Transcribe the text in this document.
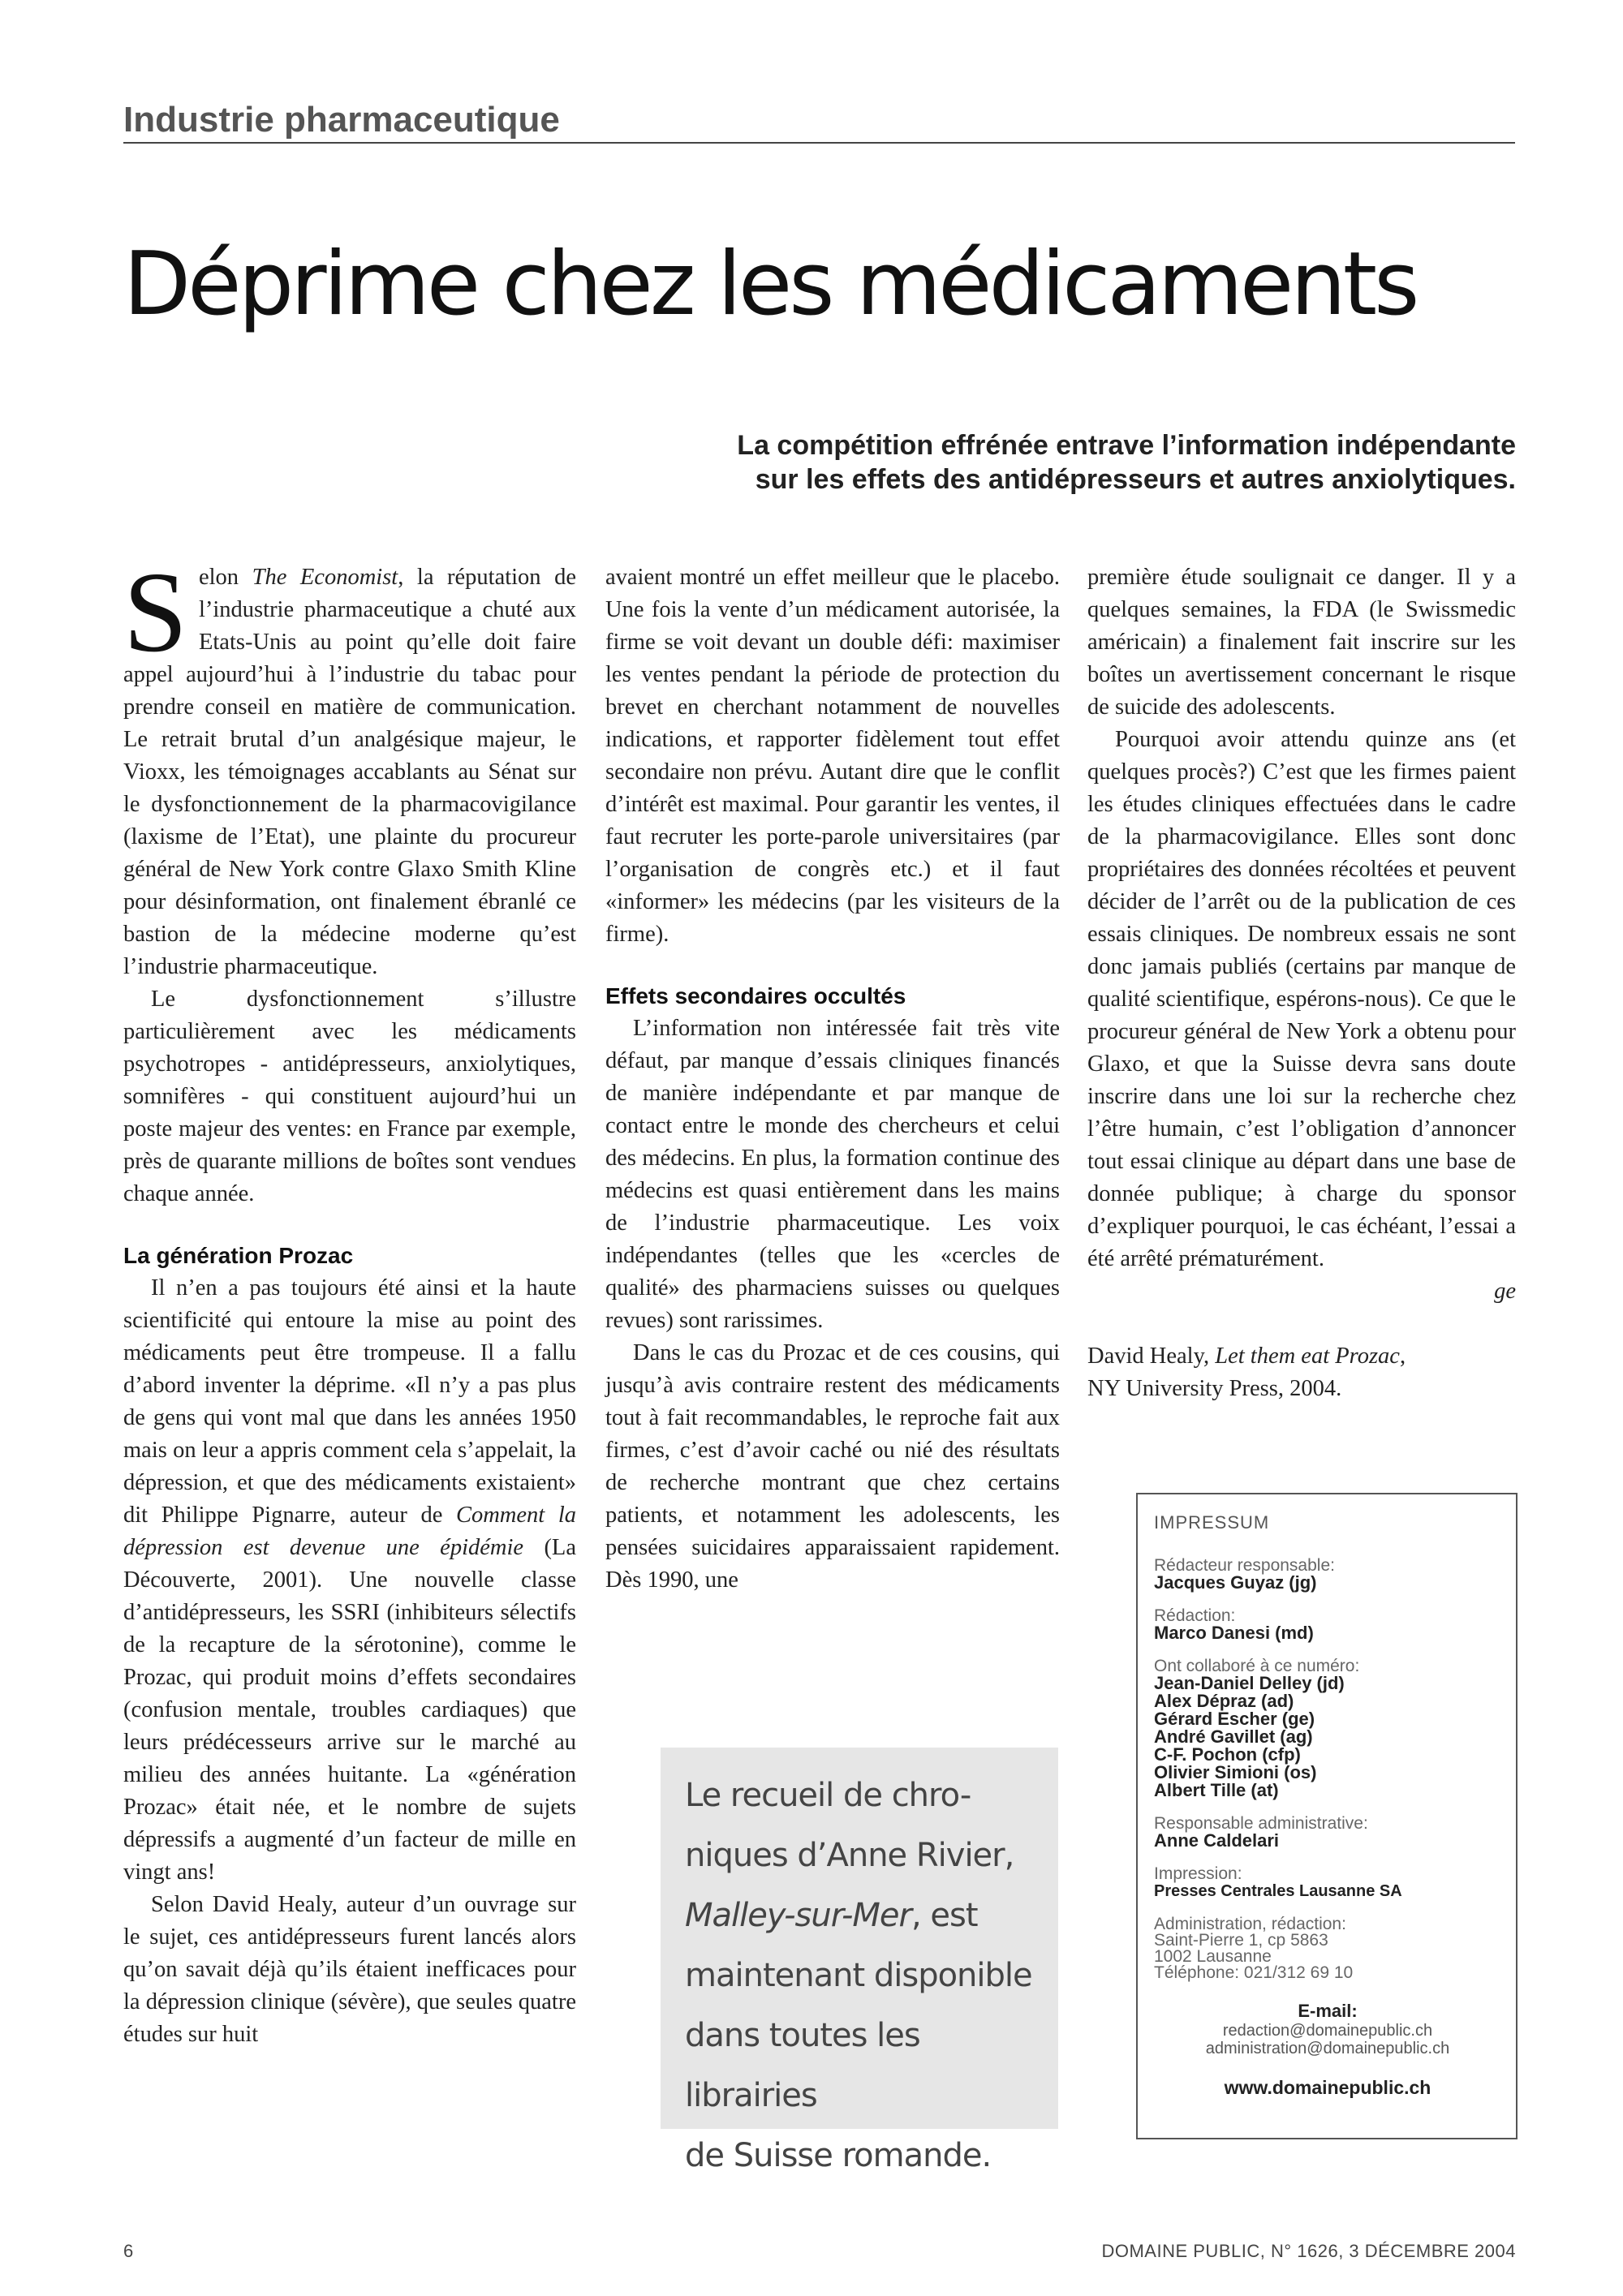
Industrie pharmaceutique
Déprime chez les médicaments
La compétition effrénée entrave l’information indépendante
sur les effets des antidépresseurs et autres anxiolytiques.

Selon The Economist, la réputation de l’industrie pharmaceutique a chuté aux Etats-Unis au point qu’elle doit faire appel aujourd’hui à l’industrie du tabac pour prendre conseil en matière de communication. Le retrait brutal d’un analgésique majeur, le Vioxx, les témoignages accablants au Sénat sur le dysfonctionnement de la pharmacovigilance (laxisme de l’Etat), une plainte du procureur général de New York contre Glaxo Smith Kline pour désinformation, ont finalement ébranlé ce bastion de la médecine moderne qu’est l’industrie pharmaceutique.

Le dysfonctionnement s’illustre particulièrement avec les médicaments psychotropes - antidépresseurs, anxiolytiques, somnifères - qui constituent aujourd’hui un poste majeur des ventes: en France par exemple, près de quarante millions de boîtes sont vendues chaque année.

La génération Prozac

Il n’en a pas toujours été ainsi et la haute scientificité qui entoure la mise au point des médicaments peut être trompeuse. Il a fallu d’abord inventer la déprime. «Il n’y a pas plus de gens qui vont mal que dans les années 1950 mais on leur a appris comment cela s’appelait, la dépression, et que des médicaments existaient» dit Philippe Pignarre, auteur de Comment la dépression est devenue une épidémie (La Découverte, 2001). Une nouvelle classe d’antidépresseurs, les SSRI (inhibiteurs sélectifs de la recapture de la sérotonine), comme le Prozac, qui produit moins d’effets secondaires (confusion mentale, troubles cardiaques) que leurs prédécesseurs arrive sur le marché au milieu des années huitante. La «génération Prozac» était née, et le nombre de sujets dépressifs a augmenté d’un facteur de mille en vingt ans!

Selon David Healy, auteur d’un ouvrage sur le sujet, ces antidépresseurs furent lancés alors qu’on savait déjà qu’ils étaient inefficaces pour la dépression clinique (sévère), que seules quatre études sur huit

avaient montré un effet meilleur que le placebo. Une fois la vente d’un médicament autorisée, la firme se voit devant un double défi: maximiser les ventes pendant la période de protection du brevet en cherchant notamment de nouvelles indications, et rapporter fidèlement tout effet secondaire non prévu. Autant dire que le conflit d’intérêt est maximal. Pour garantir les ventes, il faut recruter les porte-parole universitaires (par l’organisation de congrès etc.) et il faut «informer» les médecins (par les visiteurs de la firme).

Effets secondaires occultés

L’information non intéressée fait très vite défaut, par manque d’essais cliniques financés de manière indépendante et par manque de contact entre le monde des chercheurs et celui des médecins. En plus, la formation continue des médecins est quasi entièrement dans les mains de l’industrie pharmaceutique. Les voix indépendantes (telles que les «cercles de qualité» des pharmaciens suisses ou quelques revues) sont rarissimes.

Dans le cas du Prozac et de ces cousins, qui jusqu’à avis contraire restent des médicaments tout à fait recommandables, le reproche fait aux firmes, c’est d’avoir caché ou nié des résultats de recherche montrant que chez certains patients, et notamment les adolescents, les pensées suicidaires apparaissaient rapidement. Dès 1990, une

première étude soulignait ce danger. Il y a quelques semaines, la FDA (le Swissmedic américain) a finalement fait inscrire sur les boîtes un avertissement concernant le risque de suicide des adolescents.

Pourquoi avoir attendu quinze ans (et quelques procès?) C’est que les firmes paient les études cliniques effectuées dans le cadre de la pharmacovigilance. Elles sont donc propriétaires des données récoltées et peuvent décider de l’arrêt ou de la publication de ces essais cliniques. De nombreux essais ne sont donc jamais publiés (certains par manque de qualité scientifique, espérons-nous). Ce que le procureur général de New York a obtenu pour Glaxo, et que la Suisse devra sans doute inscrire dans une loi sur la recherche chez l’être humain, c’est l’obligation d’annoncer tout essai clinique au départ dans une base de donnée publique; à charge du sponsor d’expliquer pourquoi, le cas échéant, l’essai a été arrêté prématurément.

ge

David Healy, Let them eat Prozac,
NY University Press, 2004.

Le recueil de chro-

niques d’Anne Rivier,

Malley-sur-Mer, est

maintenant disponible

dans toutes les librairies

de Suisse romande.

IMPRESSUM

Rédacteur responsable:

Jacques Guyaz (jg)

Rédaction:

Marco Danesi (md)

Ont collaboré à ce numéro:

Jean-Daniel Delley (jd)
Alex Dépraz (ad)
Gérard Escher (ge)
André Gavillet (ag)
C-F. Pochon (cfp)
Olivier Simioni (os)
Albert Tille (at)

Responsable administrative:

Anne Caldelari

Impression:

Presses Centrales Lausanne SA

Administration, rédaction:

Saint-Pierre 1, cp 5863

1002 Lausanne

Téléphone: 021/312 69 10

E-mail:

redaction@domainepublic.ch

administration@domainepublic.ch

www.domainepublic.ch

6	DOMAINE PUBLIC, N° 1626, 3 DÉCEMBRE 2004
